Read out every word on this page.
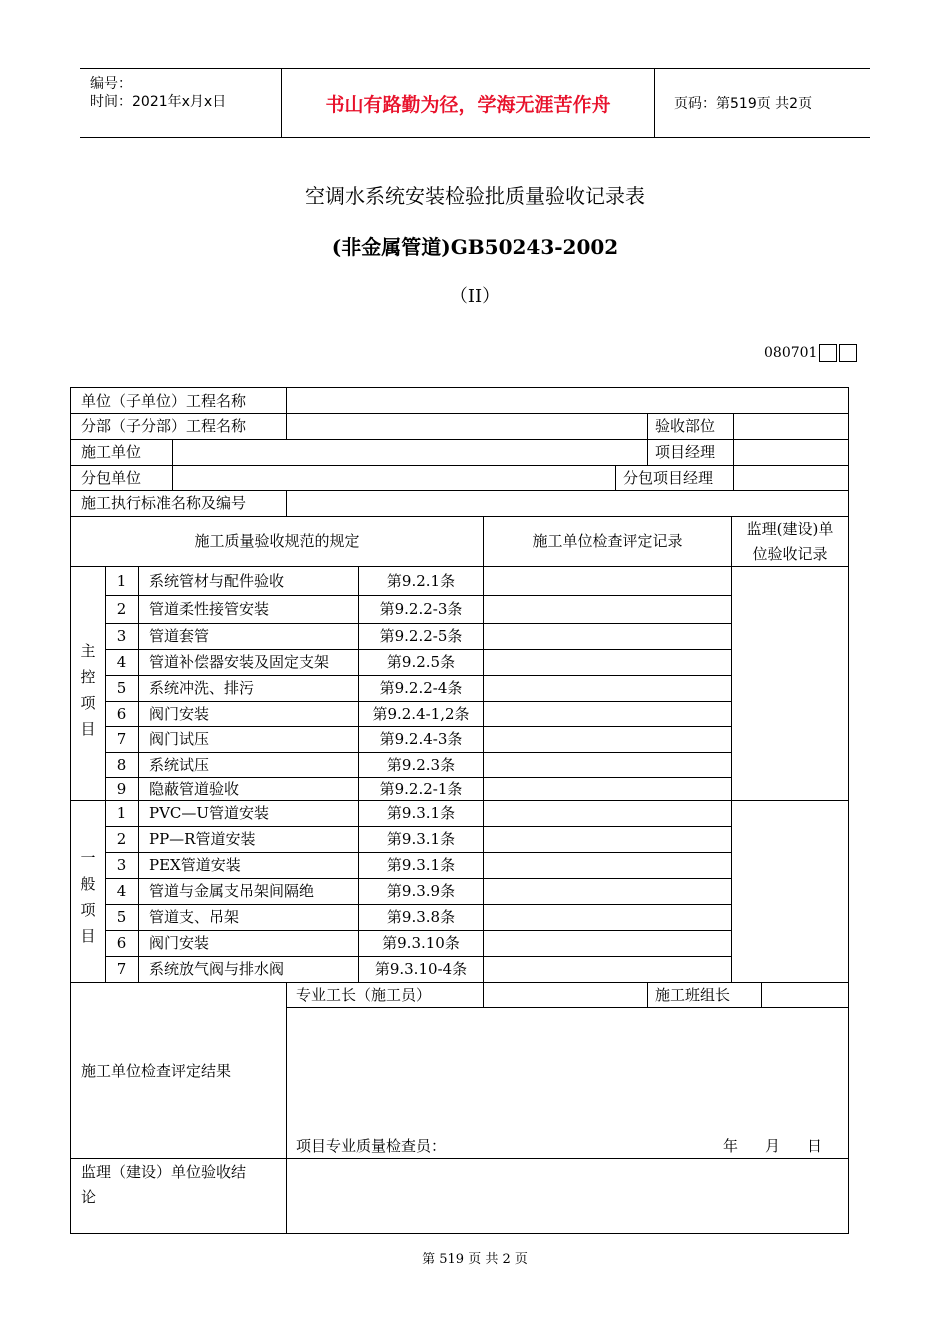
编号：
时间：2021年x月x日	书山有路勤为径，学海无涯苦作舟	页码：第519页 共2页
空调水系统安装检验批质量验收记录表
(非金属管道)GB50243-2002
（II）
080701
单位（子单位）工程名称
分部（子分部）工程名称	验收部位
施工单位	项目经理
分包单位	分包项目经理
施工执行标准名称及编号
施工质量验收规范的规定	施工单位检查评定记录
监理(建设)单
位验收记录
主
控
项
目
一
般
项
目
1	系统管材与配件验收	第9.2.1条
2	管道柔性接管安装	第9.2.2-3条
3	管道套管	第9.2.2-5条
4	管道补偿器安装及固定支架	第9.2.5条
5	系统冲洗、排污	第9.2.2-4条
6	阀门安装	第9.2.4-1,2条
7	阀门试压	第9.2.4-3条
8	系统试压	第9.2.3条
9	隐蔽管道验收	第9.2.2-1条
1	PVC—U管道安装	第9.3.1条
2	PP—R管道安装	第9.3.1条
3	PEX管道安装	第9.3.1条
4	管道与金属支吊架间隔绝	第9.3.9条
5	管道支、吊架	第9.3.8条
6	阀门安装	第9.3.10条
7	系统放气阀与排水阀	第9.3.10-4条
专业工长（施工员）	施工班组长
施工单位检查评定结果
项目专业质量检查员：	年 月 日
监理（建设）单位验收结
论
第 519 页 共 2 页
